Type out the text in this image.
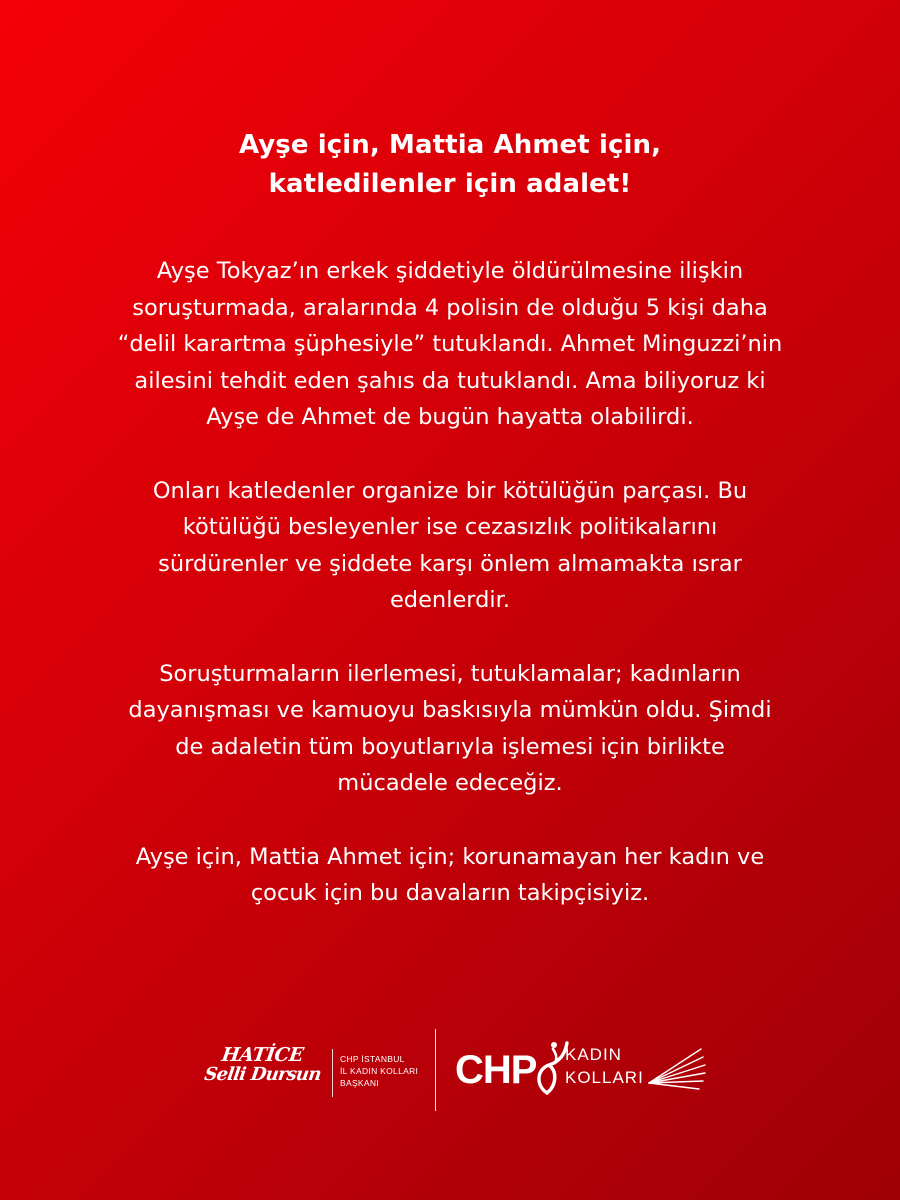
Ayşe için, Mattia Ahmet için,
katledilenler için adalet!

Ayşe Tokyaz’ın erkek şiddetiyle öldürülmesine ilişkin
soruşturmada, aralarında 4 polisin de olduğu 5 kişi daha
“delil karartma şüphesiyle” tutuklandı. Ahmet Minguzzi’nin
ailesini tehdit eden şahıs da tutuklandı. Ama biliyoruz ki
Ayşe de Ahmet de bugün hayatta olabilirdi.

Onları katledenler organize bir kötülüğün parçası. Bu
kötülüğü besleyenler ise cezasızlık politikalarını
sürdürenler ve şiddete karşı önlem almamakta ısrar
edenlerdir.

Soruşturmaların ilerlemesi, tutuklamalar; kadınların
dayanışması ve kamuoyu baskısıyla mümkün oldu. Şimdi
de adaletin tüm boyutlarıyla işlemesi için birlikte
mücadele edeceğiz.

Ayşe için, Mattia Ahmet için; korunamayan her kadın ve
çocuk için bu davaların takipçisiyiz.

HATİCE
Selli Dursun
CHP İSTANBUL
İL KADIN KOLLARI
BAŞKANI	CHP KADIN
KOLLARI
